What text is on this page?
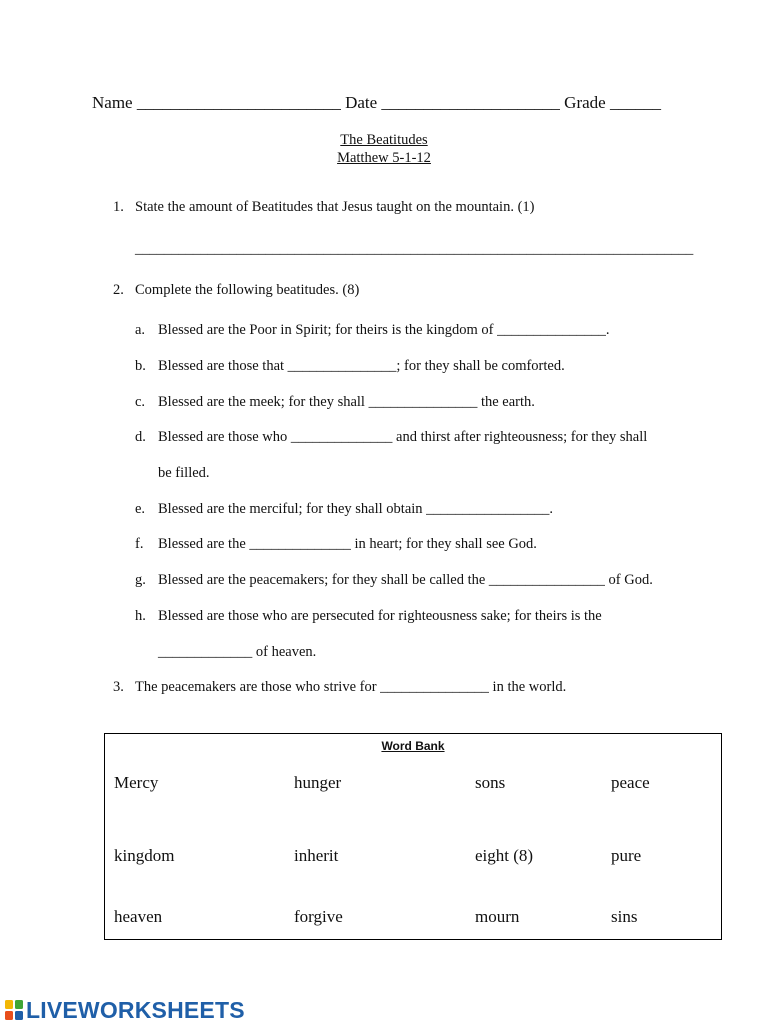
Name ________________________ Date _____________________ Grade ______
The Beatitudes
Matthew 5-1-12
1. State the amount of Beatitudes that Jesus taught on the mountain. (1)
_____________________________________________________________________________
2. Complete the following beatitudes. (8)
a. Blessed are the Poor in Spirit; for theirs is the kingdom of _______________.
b. Blessed are those that _______________; for they shall be comforted.
c. Blessed are the meek; for they shall _______________ the earth.
d. Blessed are those who ______________ and thirst after righteousness; for they shall
be filled.
e. Blessed are the merciful; for they shall obtain _________________.
f. Blessed are the ______________ in heart; for they shall see God.
g. Blessed are the peacemakers; for they shall be called the ________________ of God.
h. Blessed are those who are persecuted for righteousness sake; for theirs is the
_____________ of heaven.
3. The peacemakers are those who strive for _______________ in the world.
Word Bank
Mercy	hunger	sons	peace
kingdom	inherit	eight (8)	pure
heaven	forgive	mourn	sins
LIVEWORKSHEETS
